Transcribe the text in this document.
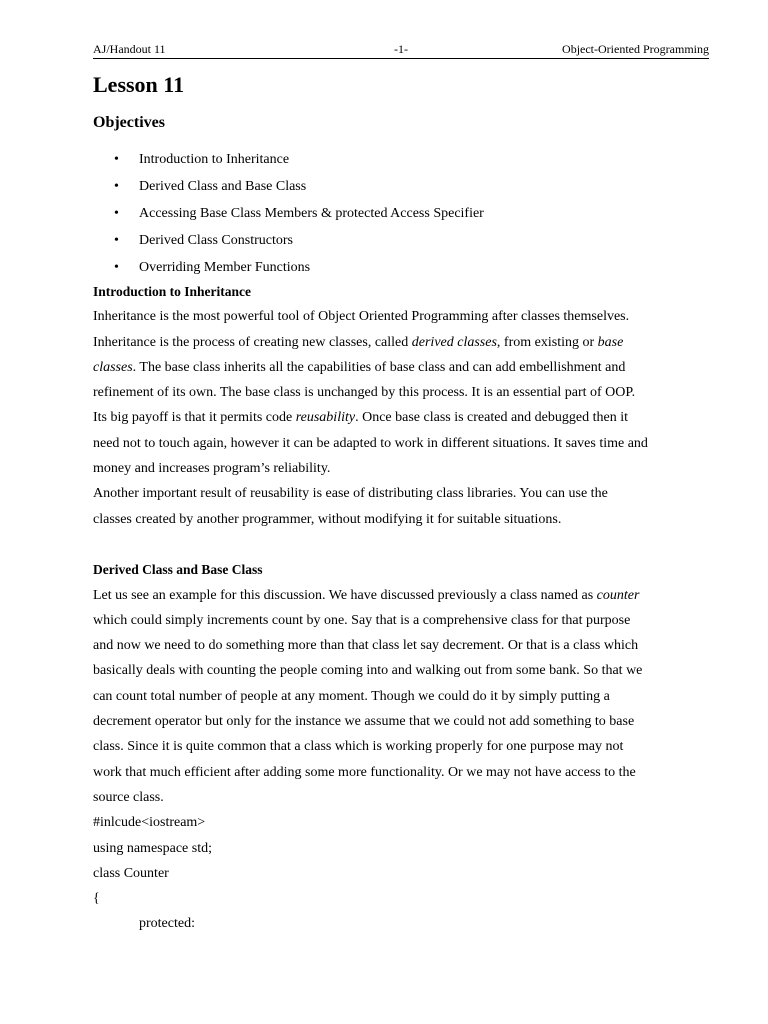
AJ/Handout 11	-1-	Object-Oriented Programming
Lesson 11
Objectives
• Introduction to Inheritance
• Derived Class and Base Class
• Accessing Base Class Members & protected Access Specifier
• Derived Class Constructors
• Overriding Member Functions

Introduction to Inheritance

Inheritance is the most powerful tool of Object Oriented Programming after classes themselves.

Inheritance is the process of creating new classes, called derived classes, from existing or base

classes. The base class inherits all the capabilities of base class and can add embellishment and

refinement of its own. The base class is unchanged by this process. It is an essential part of OOP.

Its big payoff is that it permits code reusability. Once base class is created and debugged then it

need not to touch again, however it can be adapted to work in different situations. It saves time and

money and increases program’s reliability.

Another important result of reusability is ease of distributing class libraries. You can use the

classes created by another programmer, without modifying it for suitable situations.

Derived Class and Base Class

Let us see an example for this discussion. We have discussed previously a class named as counter

which could simply increments count by one. Say that is a comprehensive class for that purpose

and now we need to do something more than that class let say decrement. Or that is a class which

basically deals with counting the people coming into and walking out from some bank. So that we

can count total number of people at any moment. Though we could do it by simply putting a

decrement operator but only for the instance we assume that we could not add something to base

class. Since it is quite common that a class which is working properly for one purpose may not

work that much efficient after adding some more functionality. Or we may not have access to the

source class.

#inlcude<iostream>

using namespace std;

class Counter

{

protected:
